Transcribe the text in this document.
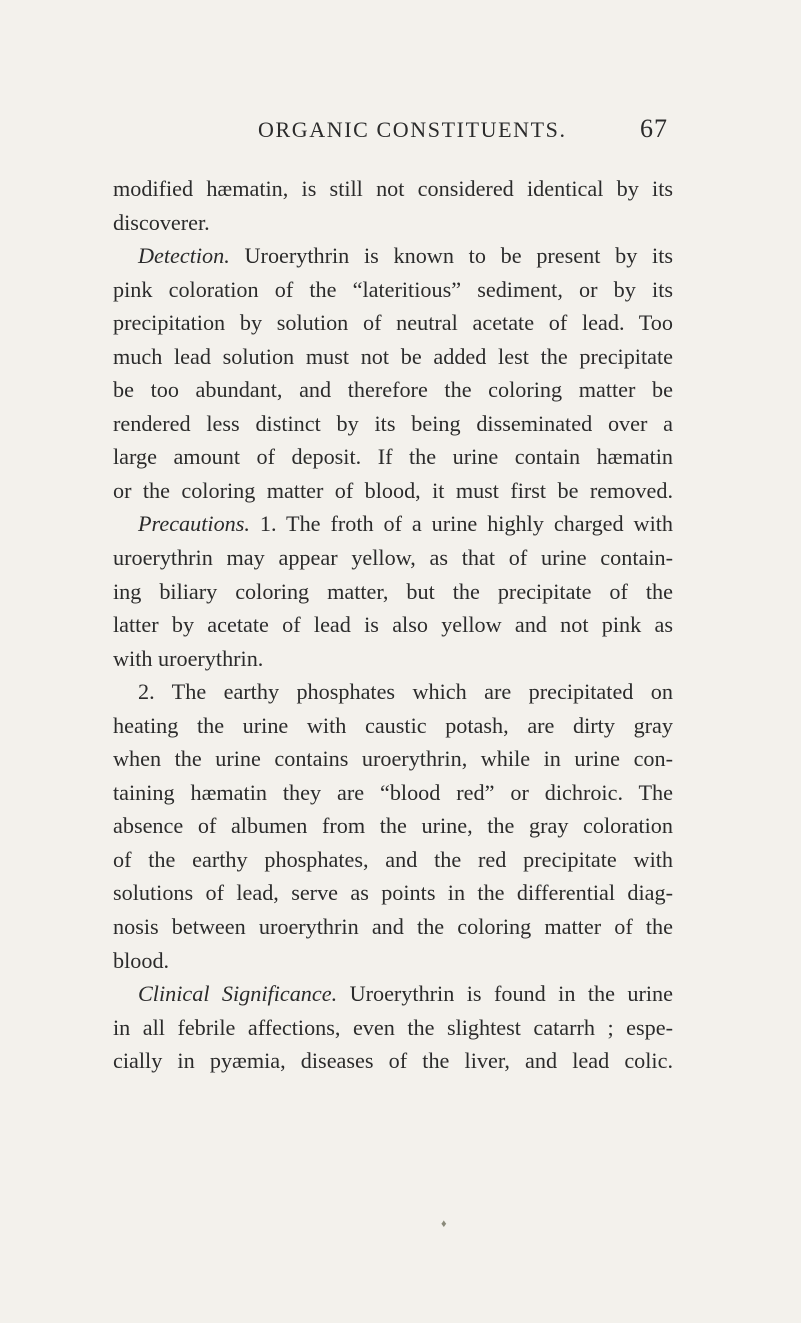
ORGANIC CONSTITUENTS.	67
modified hæmatin, is still not considered identical by its
discoverer.
Detection. Uroerythrin is known to be present by its
pink coloration of the “lateritious” sediment, or by its
precipitation by solution of neutral acetate of lead. Too
much lead solution must not be added lest the precipitate
be too abundant, and therefore the coloring matter be
rendered less distinct by its being disseminated over a
large amount of deposit. If the urine contain hæmatin
or the coloring matter of blood, it must first be removed.
Precautions. 1. The froth of a urine highly charged with
uroerythrin may appear yellow, as that of urine contain-
ing biliary coloring matter, but the precipitate of the
latter by acetate of lead is also yellow and not pink as
with uroerythrin.
2. The earthy phosphates which are precipitated on
heating the urine with caustic potash, are dirty gray
when the urine contains uroerythrin, while in urine con-
taining hæmatin they are “blood red” or dichroic. The
absence of albumen from the urine, the gray coloration
of the earthy phosphates, and the red precipitate with
solutions of lead, serve as points in the differential diag-
nosis between uroerythrin and the coloring matter of the
blood.
Clinical Significance. Uroerythrin is found in the urine
in all febrile affections, even the slightest catarrh ; espe-
cially in pyæmia, diseases of the liver, and lead colic.
♦
